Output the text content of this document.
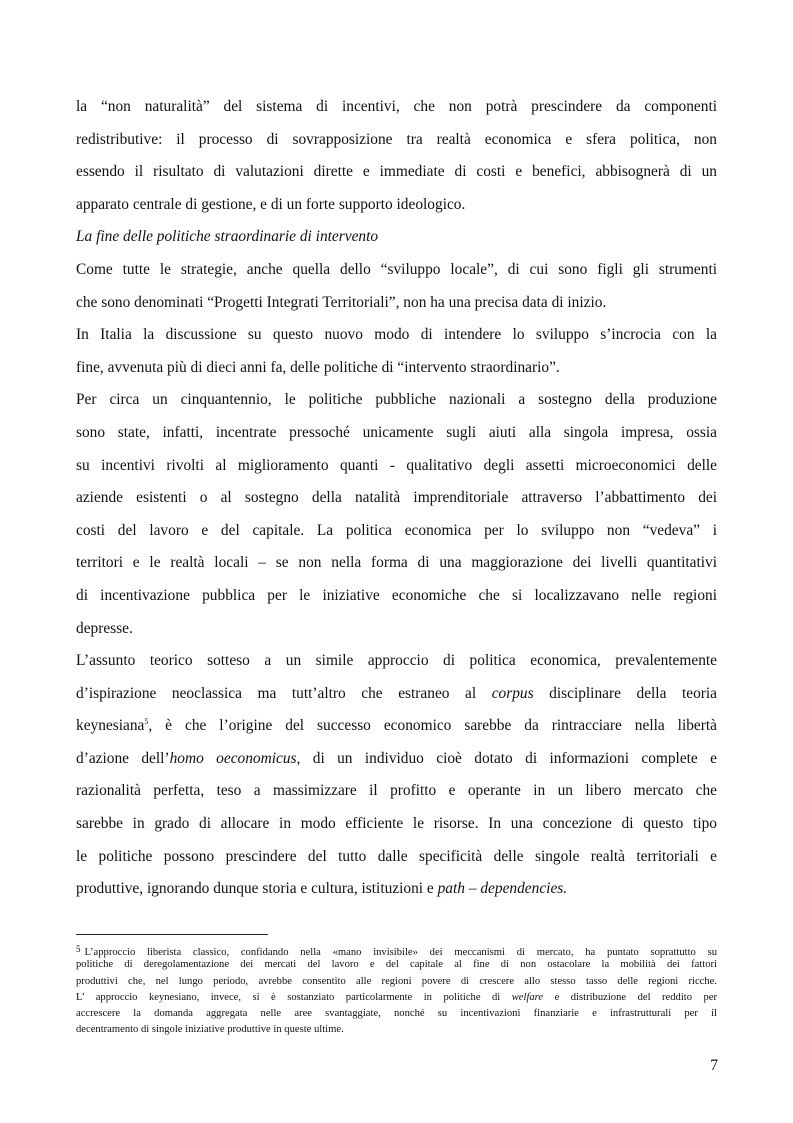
la “non naturalità” del sistema di incentivi, che non potrà prescindere da componenti
redistributive: il processo di sovrapposizione tra realtà economica e sfera politica, non
essendo il risultato di valutazioni dirette e immediate di costi e benefici, abbisognerà di un
apparato centrale di gestione, e di un forte supporto ideologico.
La fine delle politiche straordinarie di intervento
Come tutte le strategie, anche quella dello “sviluppo locale”, di cui sono figli gli strumenti
che sono denominati “Progetti Integrati Territoriali”, non ha una precisa data di inizio.
In Italia la discussione su questo nuovo modo di intendere lo sviluppo s’incrocia con la
fine, avvenuta più di dieci anni fa, delle politiche di “intervento straordinario”.
Per circa un cinquantennio, le politiche pubbliche nazionali a sostegno della produzione
sono state, infatti, incentrate pressoché unicamente sugli aiuti alla singola impresa, ossia
su incentivi rivolti al miglioramento quanti - qualitativo degli assetti microeconomici delle
aziende esistenti o al sostegno della natalità imprenditoriale attraverso l’abbattimento dei
costi del lavoro e del capitale. La politica economica per lo sviluppo non “vedeva” i
territori e le realtà locali – se non nella forma di una maggiorazione dei livelli quantitativi
di incentivazione pubblica per le iniziative economiche che si localizzavano nelle regioni
depresse.
L’assunto teorico sotteso a un simile approccio di politica economica, prevalentemente
d’ispirazione neoclassica ma tutt’altro che estraneo al corpus disciplinare della teoria
keynesiana$^5$, è che l’origine del successo economico sarebbe da rintracciare nella libertà
d’azione dell’homo oeconomicus, di un individuo cioè dotato di informazioni complete e
razionalità perfetta, teso a massimizzare il profitto e operante in un libero mercato che
sarebbe in grado di allocare in modo efficiente le risorse. In una concezione di questo tipo
le politiche possono prescindere del tutto dalle specificità delle singole realtà territoriali e
produttive, ignorando dunque storia e cultura, istituzioni e path – dependencies.
$^5$ L’approccio liberista classico, confidando nella «mano invisibile» dei meccanismi di mercato, ha puntato soprattutto su
politiche di deregolamentazione dei mercati del lavoro e del capitale al fine di non ostacolare la mobilità dei fattori
produttivi che, nel lungo periodo, avrebbe consentito alle regioni povere di crescere allo stesso tasso delle regioni ricche.
L’ approccio keynesiano, invece, si è sostanziato particolarmente in politiche di welfare e distribuzione del reddito per
accrescere la domanda aggregata nelle aree svantaggiate, nonché su incentivazioni finanziarie e infrastrutturali per il
decentramento di singole iniziative produttive in queste ultime.
7
